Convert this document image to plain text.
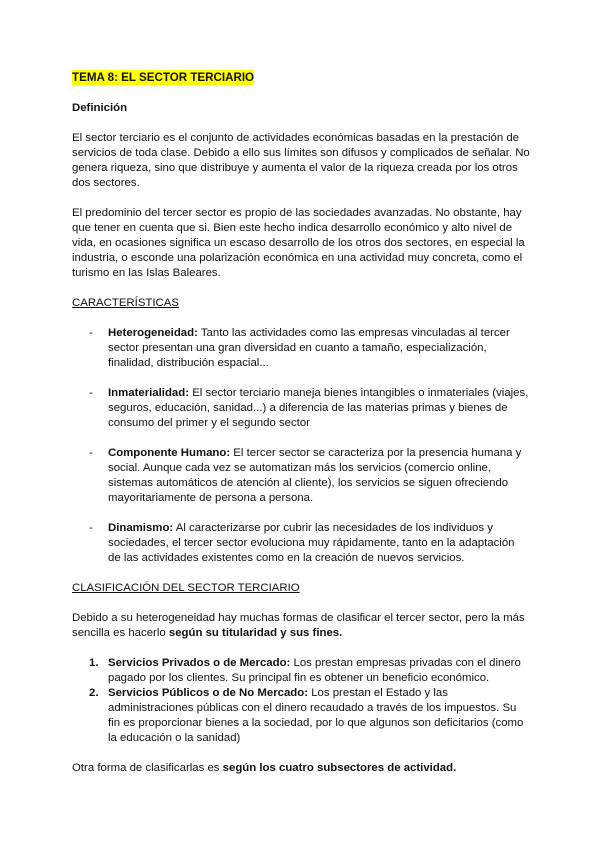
TEMA 8: EL SECTOR TERCIARIO
Definición

El sector terciario es el conjunto de actividades económicas basadas en la prestación de servicios de toda clase. Debido a ello sus límites son difusos y complicados de señalar. No genera riqueza, sino que distribuye y aumenta el valor de la riqueza creada por los otros dos sectores.

El predominio del tercer sector es propio de las sociedades avanzadas. No obstante, hay que tener en cuenta que si. Bien este hecho indica desarrollo económico y alto nivel de vida, en ocasiones significa un escaso desarrollo de los otros dos sectores, en especial la industria, o esconde una polarización económica en una actividad muy concreta, como el turismo en las Islas Baleares.

CARACTERÍSTICAS
- Heterogeneidad: Tanto las actividades como las empresas vinculadas al tercer sector presentan una gran diversidad en cuanto a tamaño, especialización, finalidad, distribución espacial...
- Inmaterialidad: El sector terciario maneja bienes intangibles o inmateriales (viajes, seguros, educación, sanidad...) a diferencia de las materias primas y bienes de consumo del primer y el segundo sector
- Componente Humano: El tercer sector se caracteriza por la presencia humana y social. Aunque cada vez se automatizan más los servicios (comercio online, sistemas automáticos de atención al cliente), los servicios se siguen ofreciendo mayoritariamente de persona a persona.
- Dinamismo: Al caracterizarse por cubrir las necesidades de los individuos y sociedades, el tercer sector evoluciona muy rápidamente, tanto en la adaptación de las actividades existentes como en la creación de nuevos servicios.
CLASIFICACIÓN DEL SECTOR TERCIARIO

Debido a su heterogeneidad hay muchas formas de clasificar el tercer sector, pero la más sencilla es hacerlo según su titularidad y sus fines.

1. Servicios Privados o de Mercado: Los prestan empresas privadas con el dinero pagado por los clientes. Su principal fin es obtener un beneficio económico.
2. Servicios Públicos o de No Mercado: Los prestan el Estado y las administraciones públicas con el dinero recaudado a través de los impuestos. Su fin es proporcionar bienes a la sociedad, por lo que algunos son deficitarios (como la educación o la sanidad)

Otra forma de clasificarlas es según los cuatro subsectores de actividad.
